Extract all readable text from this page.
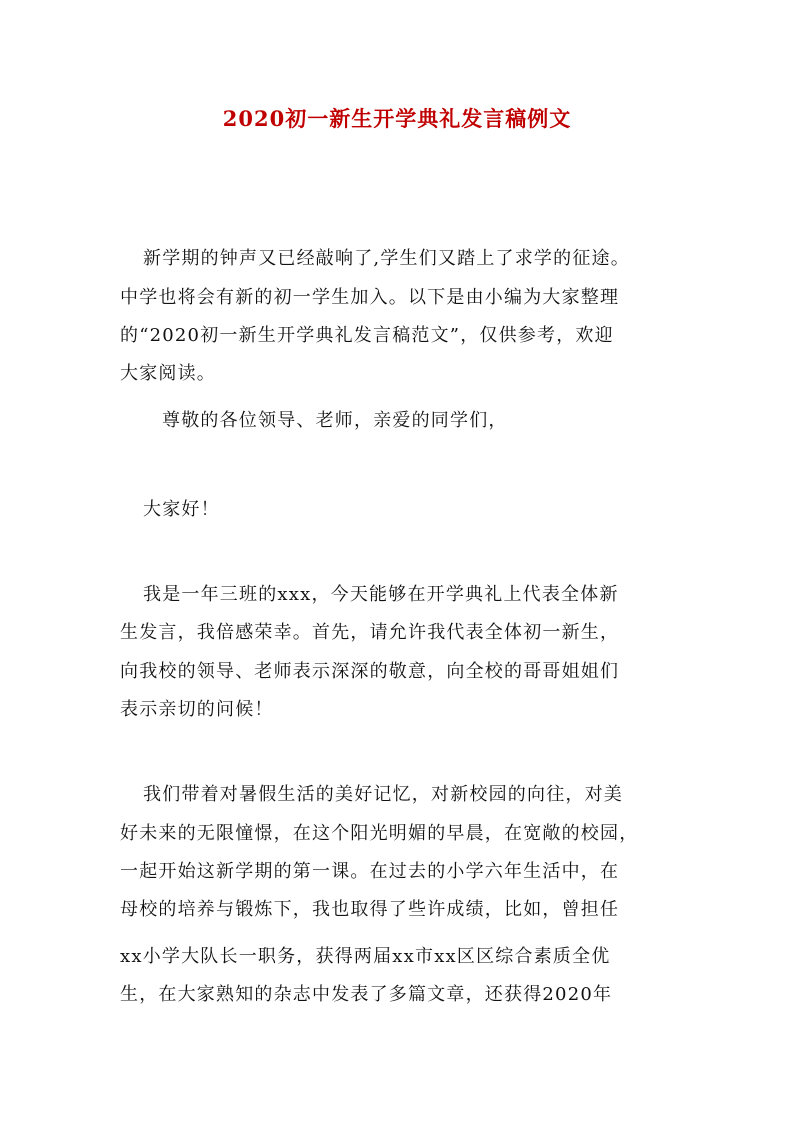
2020初一新生开学典礼发言稿例文
新学期的钟声又已经敲响了,学生们又踏上了求学的征途。
中学也将会有新的初一学生加入。以下是由小编为大家整理
的“2020初一新生开学典礼发言稿范文”，仅供参考，欢迎
大家阅读。
尊敬的各位领导、老师，亲爱的同学们，
大家好！
我是一年三班的xxx，今天能够在开学典礼上代表全体新
生发言，我倍感荣幸。首先，请允许我代表全体初一新生，
向我校的领导、老师表示深深的敬意，向全校的哥哥姐姐们
表示亲切的问候！
我们带着对暑假生活的美好记忆，对新校园的向往，对美
好未来的无限憧憬，在这个阳光明媚的早晨，在宽敞的校园，
一起开始这新学期的第一课。在过去的小学六年生活中，在
母校的培养与锻炼下，我也取得了些许成绩，比如，曾担任
xx小学大队长一职务，获得两届xx市xx区区综合素质全优
生，在大家熟知的杂志中发表了多篇文章，还获得2020年
